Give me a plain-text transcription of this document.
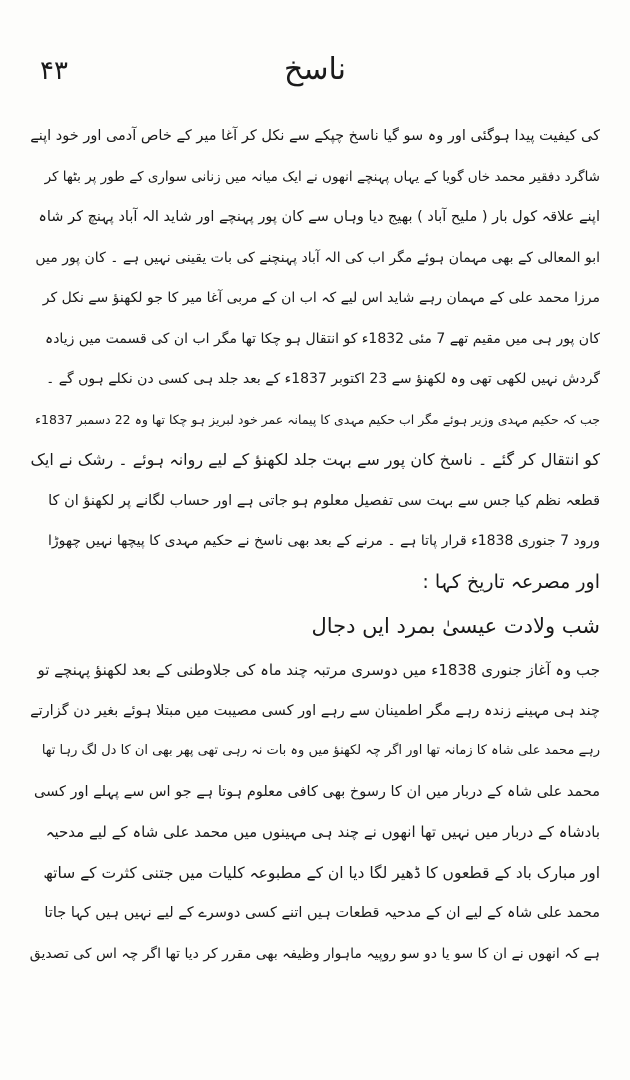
۴۳	ناسخ
کی کیفیت پیدا ہوگئی اور وہ سو گیا ناسخ چپکے سے نکل کر آغا میر کے خاص آدمی اور خود اپنے
شاگرد دفقیر محمد خاں گویا کے یہاں پہنچے انھوں نے ایک میانہ میں زنانی سواری کے طور پر بٹھا کر
اپنے علاقہ کول بار ( ملیح آباد ) بھیج دیا وہاں سے کان پور پہنچے اور شاید الہ آباد پہنچ کر شاہ
ابو المعالی کے بھی مہمان ہوئے مگر اب کی الہ آباد پہنچنے کی بات یقینی نہیں ہے ۔ کان پور میں
مرزا محمد علی کے مہمان رہے شاید اس لیے کہ اب ان کے مربی آغا میر کا جو لکھنؤ سے نکل کر
کان پور ہی میں مقیم تھے 7 مئی 1832ء کو انتقال ہو چکا تھا مگر اب ان کی قسمت میں زیادہ
گردش نہیں لکھی تھی وہ لکھنؤ سے 23 اکتوبر 1837ء کے بعد جلد ہی کسی دن نکلے ہوں گے ۔
جب کہ حکیم مہدی وزیر ہوئے مگر اب حکیم مہدی کا پیمانہ عمر خود لبریز ہو چکا تھا وہ 22 دسمبر 1837ء
کو انتقال کر گئے ۔ ناسخ کان پور سے بہت جلد لکھنؤ کے لیے روانہ ہوئے ۔ رشک نے ایک
قطعہ نظم کیا جس سے بہت سی تفصیل معلوم ہو جاتی ہے اور حساب لگانے پر لکھنؤ ان کا
ورود 7 جنوری 1838ء قرار پاتا ہے ۔ مرنے کے بعد بھی ناسخ نے حکیم مہدی کا پیچھا نہیں چھوڑا
اور مصرعہ تاریخ کہا :
شب ولادت عیسیٰ بمرد ایں دجال
جب وہ آغاز جنوری 1838ء میں دوسری مرتبہ چند ماہ کی جلاوطنی کے بعد لکھنؤ پہنچے تو
چند ہی مہینے زندہ رہے مگر اطمینان سے رہے اور کسی مصیبت میں مبتلا ہوئے بغیر دن گزارتے
رہے محمد علی شاہ کا زمانہ تھا اور اگر چہ لکھنؤ میں وہ بات نہ رہی تھی پھر بھی ان کا دل لگ رہا تھا
محمد علی شاہ کے دربار میں ان کا رسوخ بھی کافی معلوم ہوتا ہے جو اس سے پہلے اور کسی
بادشاہ کے دربار میں نہیں تھا انھوں نے چند ہی مہینوں میں محمد علی شاہ کے لیے مدحیہ
اور مبارک باد کے قطعوں کا ڈھیر لگا دیا ان کے مطبوعہ کلیات میں جتنی کثرت کے ساتھ
محمد علی شاہ کے لیے ان کے مدحیہ قطعات ہیں اتنے کسی دوسرے کے لیے نہیں ہیں کہا جاتا
ہے کہ انھوں نے ان کا سو یا دو سو روپیہ ماہوار وظیفہ بھی مقرر کر دیا تھا اگر چہ اس کی تصدیق
